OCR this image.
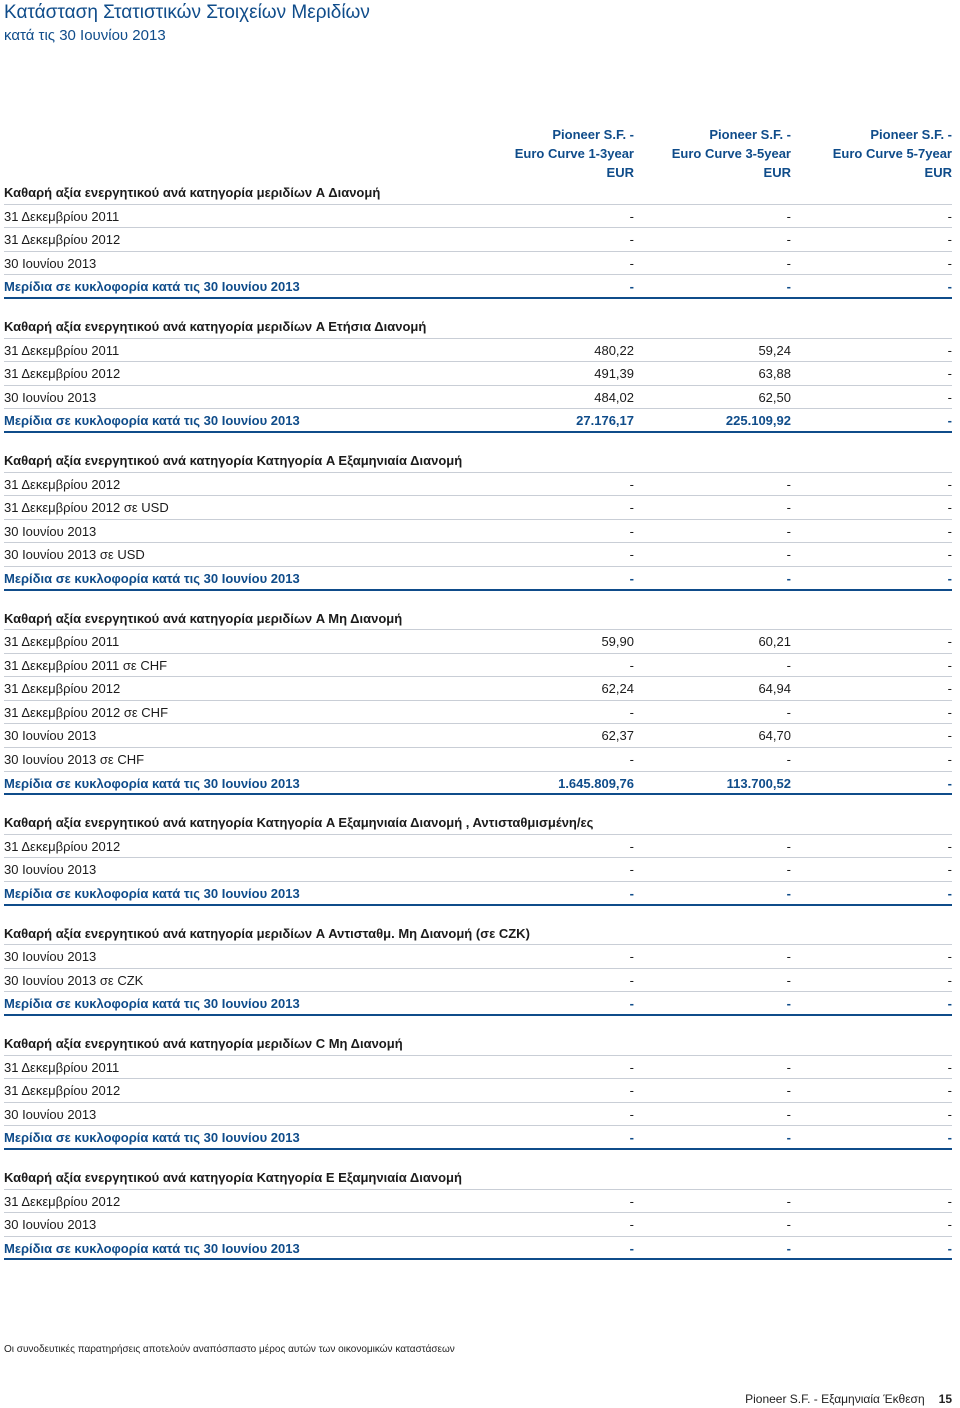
Κατάσταση Στατιστικών Στοιχείων Μεριδίων
κατά τις 30 Ιουνίου 2013
Pioneer S.F. -
Euro Curve 1-3year
EUR
Pioneer S.F. -
Euro Curve 3-5year
EUR
Pioneer S.F. -
Euro Curve 5-7year
EUR
Καθαρή αξία ενεργητικού ανά κατηγορία μεριδίων A Διανομή
31 Δεκεμβρίου 2011	-	-	-
31 Δεκεμβρίου 2012	-	-	-
30 Ιουνίου 2013	-	-	-
Μερίδια σε κυκλοφορία κατά τις 30 Ιουνίου 2013	-	-	-
Καθαρή αξία ενεργητικού ανά κατηγορία μεριδίων A Ετήσια Διανομή
31 Δεκεμβρίου 2011	480,22	59,24	-
31 Δεκεμβρίου 2012	491,39	63,88	-
30 Ιουνίου 2013	484,02	62,50	-
Μερίδια σε κυκλοφορία κατά τις 30 Ιουνίου 2013	27.176,17	225.109,92	-
Καθαρή αξία ενεργητικού ανά κατηγορία Κατηγορία A Εξαμηνιαία Διανομή
31 Δεκεμβρίου 2012	-	-	-
31 Δεκεμβρίου 2012 σε USD	-	-	-
30 Ιουνίου 2013	-	-	-
30 Ιουνίου 2013 σε USD	-	-	-
Μερίδια σε κυκλοφορία κατά τις 30 Ιουνίου 2013	-	-	-
Καθαρή αξία ενεργητικού ανά κατηγορία μεριδίων A Μη Διανομή
31 Δεκεμβρίου 2011	59,90	60,21	-
31 Δεκεμβρίου 2011 σε CHF	-	-	-
31 Δεκεμβρίου 2012	62,24	64,94	-
31 Δεκεμβρίου 2012 σε CHF	-	-	-
30 Ιουνίου 2013	62,37	64,70	-
30 Ιουνίου 2013 σε CHF	-	-	-
Μερίδια σε κυκλοφορία κατά τις 30 Ιουνίου 2013	1.645.809,76	113.700,52	-
Καθαρή αξία ενεργητικού ανά κατηγορία Κατηγορία A Εξαμηνιαία Διανομή , Αντισταθμισμένη/ες
31 Δεκεμβρίου 2012	-	-	-
30 Ιουνίου 2013	-	-	-
Μερίδια σε κυκλοφορία κατά τις 30 Ιουνίου 2013	-	-	-
Καθαρή αξία ενεργητικού ανά κατηγορία μεριδίων A Αντισταθμ. Μη Διανομή (σε CZK)
30 Ιουνίου 2013	-	-	-
30 Ιουνίου 2013 σε CZK	-	-	-
Μερίδια σε κυκλοφορία κατά τις 30 Ιουνίου 2013	-	-	-
Καθαρή αξία ενεργητικού ανά κατηγορία μεριδίων C Μη Διανομή
31 Δεκεμβρίου 2011	-	-	-
31 Δεκεμβρίου 2012	-	-	-
30 Ιουνίου 2013	-	-	-
Μερίδια σε κυκλοφορία κατά τις 30 Ιουνίου 2013	-	-	-
Καθαρή αξία ενεργητικού ανά κατηγορία Κατηγορία E Εξαμηνιαία Διανομή
31 Δεκεμβρίου 2012	-	-	-
30 Ιουνίου 2013	-	-	-
Μερίδια σε κυκλοφορία κατά τις 30 Ιουνίου 2013	-	-	-
Οι συνοδευτικές παρατηρήσεις αποτελούν αναπόσπαστο μέρος αυτών των οικονομικών καταστάσεων
Pioneer S.F. - Εξαμηνιαία Έκθεση 15
